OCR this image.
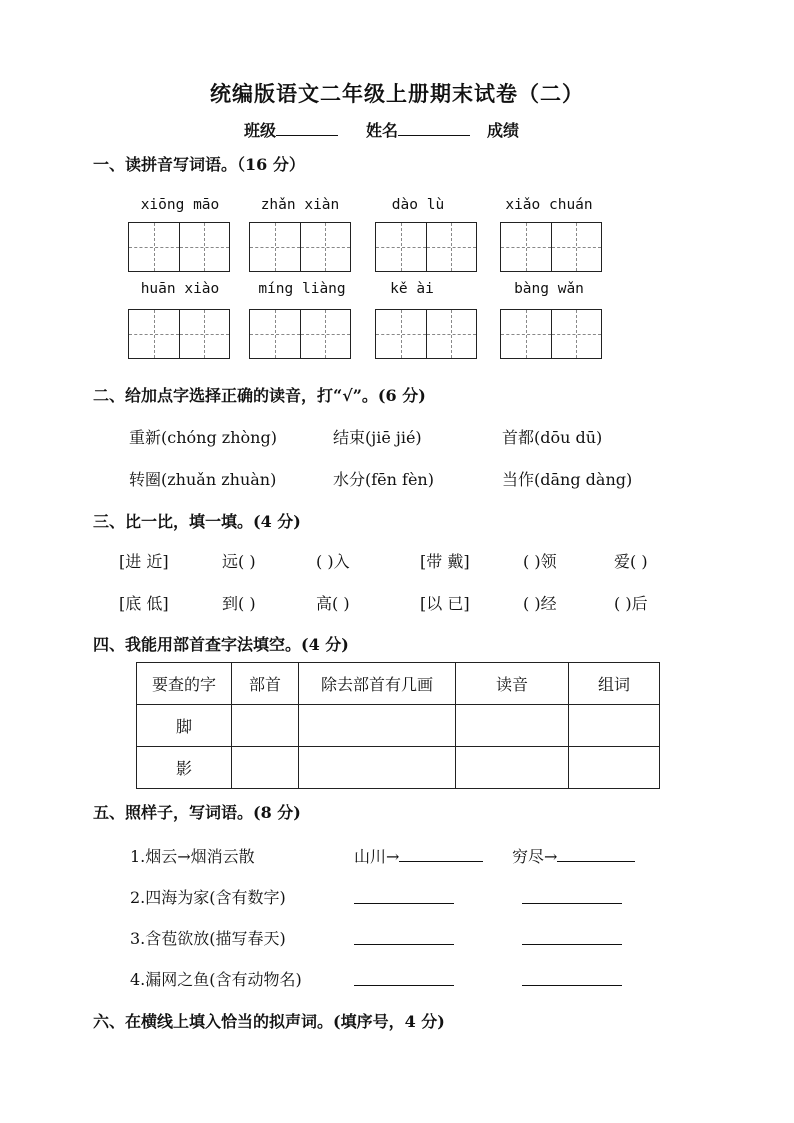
统编版语文二年级上册期末试卷（二）
班级	姓名	成绩
一、读拼音写词语。（16 分）
xiōng māo	zhǎn xiàn	dào lù	xiǎo chuán
huān xiào	míng liàng	kě ài	bàng wǎn
二、给加点字选择正确的读音，打“√”。(6 分)
重新(chóng zhòng)	结束(jiē jié)	首都(dōu dū)
转圈(zhuǎn zhuàn)	水分(fēn fèn)	当作(dāng dàng)
三、比一比，填一填。(4 分)
[进 近]	远( )	( )入	[带 戴]	( )领	爱( )
[底 低]	到( )	高( )	[以 已]	( )经	( )后
四、我能用部首查字法填空。(4 分)
要查的字	部首	除去部首有几画	读音	组词
脚				
影				
五、照样子，写词语。(8 分)
1.烟云→烟消云散	山川→	穷尽→
2.四海为家(含有数字)
3.含苞欲放(描写春天)
4.漏网之鱼(含有动物名)
六、在横线上填入恰当的拟声词。(填序号，4 分)
